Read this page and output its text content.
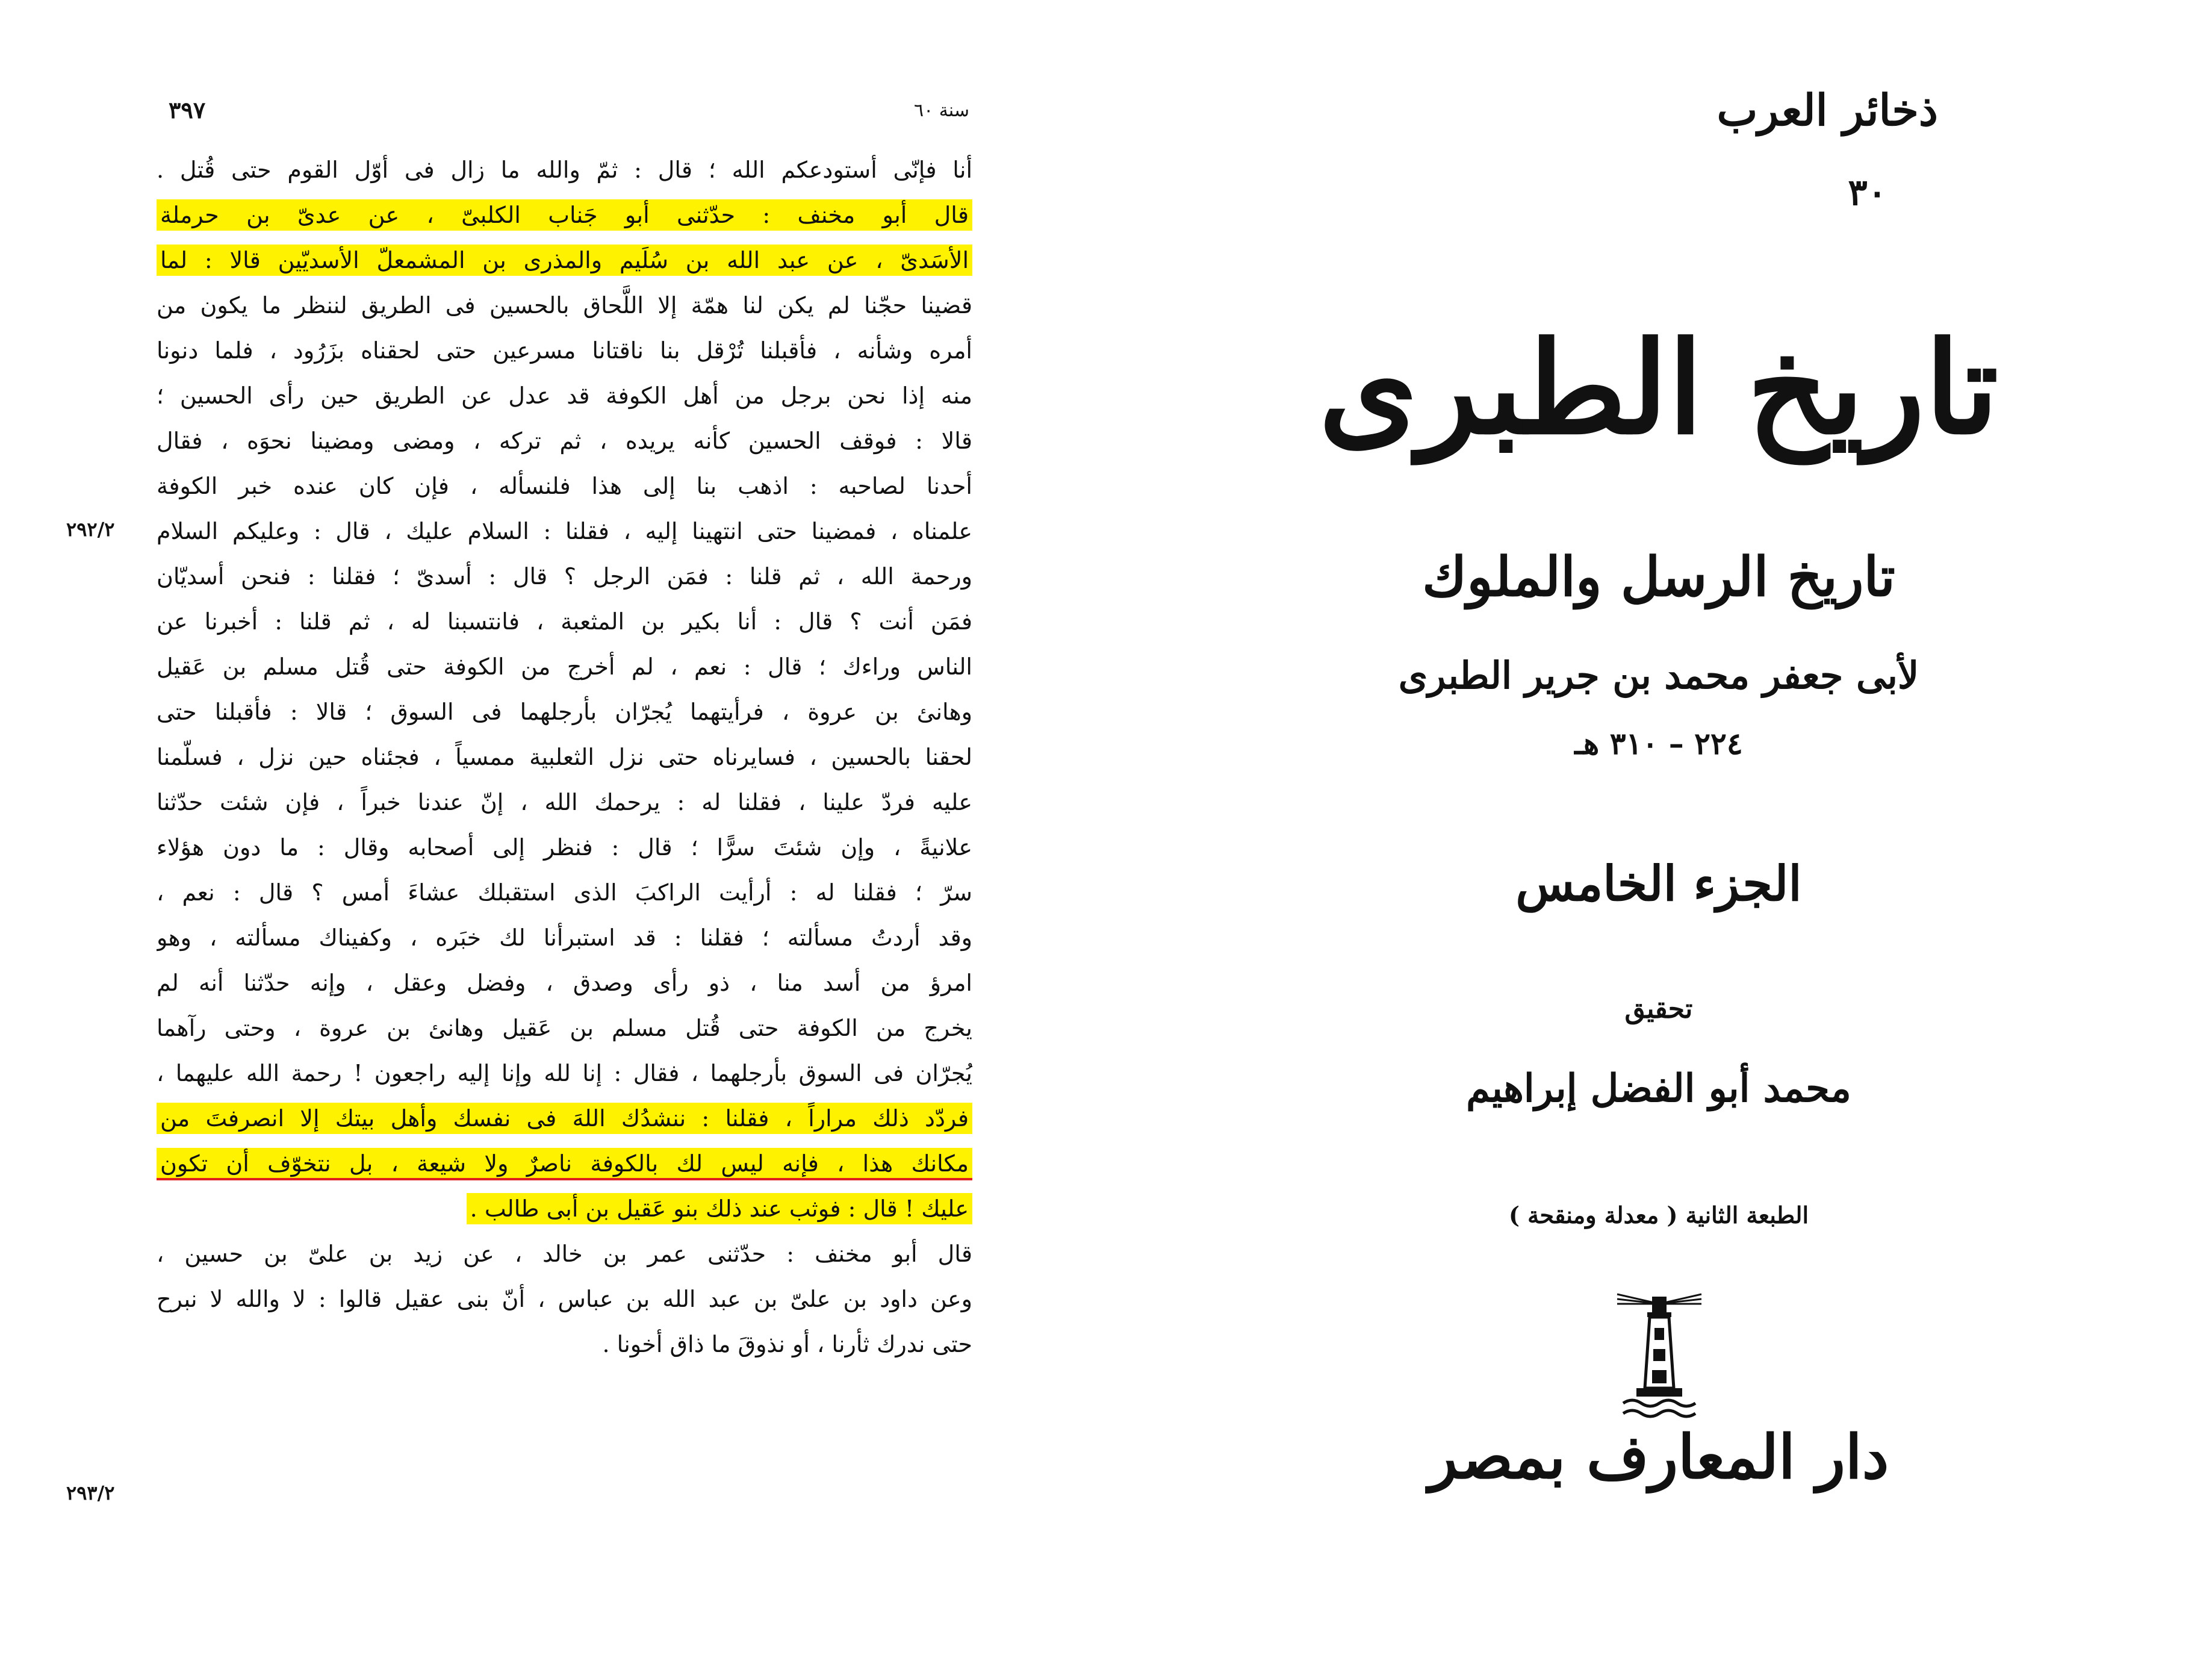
٣٩٧	سنة ٦٠
أنا فإنّى أستودعكم الله ؛ قال : ثمّ والله ما زال فى أوّل القوم حتى قُتل .
قال أبو مخنف : حدّثنى أبو جَناب الكلبىّ ، عن عدىّ بن حرملة
الأسَدىّ ، عن عبد الله بن سُلَيم والمذرى بن المشمعلّ الأسديّين قالا : لما
قضينا حجّنا لم يكن لنا همّة إلا اللَّحاق بالحسين فى الطريق لننظر ما يكون من
أمره وشأنه ، فأقبلنا تُرْقل بنا ناقتانا مسرعين حتى لحقناه بزَرُود ، فلما دنونا
منه إذا نحن برجل من أهل الكوفة قد عدل عن الطريق حين رأى الحسين ؛
قالا : فوقف الحسين كأنه يريده ، ثم تركه ، ومضى ومضينا نحوَه ، فقال
أحدنا لصاحبه : اذهب بنا إلى هذا فلنسأله ، فإن كان عنده خبر الكوفة
علمناه ، فمضينا حتى انتهينا إليه ، فقلنا : السلام عليك ، قال : وعليكم السلام
ورحمة الله ، ثم قلنا : فمَن الرجل ؟ قال : أسدىّ ؛ فقلنا : فنحن أسديّان
فمَن أنت ؟ قال : أنا بكير بن المثعبة ، فانتسبنا له ، ثم قلنا : أخبرنا عن
الناس وراءك ؛ قال : نعم ، لم أخرج من الكوفة حتى قُتل مسلم بن عَقيل
وهانئ بن عروة ، فرأيتهما يُجرّان بأرجلهما فى السوق ؛ قالا : فأقبلنا حتى
لحقنا بالحسين ، فسايرناه حتى نزل الثعلبية ممسياً ، فجئناه حين نزل ، فسلّمنا
عليه فردّ علينا ، فقلنا له : يرحمك الله ، إنّ عندنا خبراً ، فإن شئت حدّثنا
علانيةً ، وإن شئتَ سرًّا ؛ قال : فنظر إلى أصحابه وقال : ما دون هؤلاء
سرّ ؛ فقلنا له : أرأيت الراكبَ الذى استقبلك عشاءَ أمس ؟ قال : نعم ،
وقد أردتُ مسألته ؛ فقلنا : قد استبرأنا لك خبَره ، وكفيناك مسألته ، وهو
امرؤ من أسد منا ، ذو رأى وصدق ، وفضل وعقل ، وإنه حدّثنا أنه لم
يخرج من الكوفة حتى قُتل مسلم بن عَقيل وهانئ بن عروة ، وحتى رآهما
يُجرّان فى السوق بأرجلهما ، فقال : إنا لله وإنا إليه راجعون ! رحمة الله عليهما ،
فردّد ذلك مراراً ، فقلنا : ننشدُك اللهَ فى نفسك وأهل بيتك إلا انصرفتَ من
مكانك هذا ، فإنه ليس لك بالكوفة ناصرٌ ولا شيعة ، بل نتخوّف أن تكون
عليك ! قال : فوثب عند ذلك بنو عَقيل بن أبى طالب .
قال أبو مخنف : حدّثنى عمر بن خالد ، عن زيد بن علىّ بن حسين ،
وعن داود بن علىّ بن عبد الله بن عباس ، أنّ بنى عقيل قالوا : لا والله لا نبرح
حتى ندرك ثأرنا ، أو نذوقَ ما ذاق أخونا .
٢٩٢/٢
٢٩٣/٢
ذخائر العرب
٣٠
تاريخ الطبرى
تاريخ الرسل والملوك
لأبى جعفر محمد بن جرير الطبرى
٢٢٤ – ٣١٠ هـ
الجزء الخامس
تحقيق
محمد أبو الفضل إبراهيم
الطبعة الثانية ( معدلة ومنقحة )
دار المعارف بمصر
